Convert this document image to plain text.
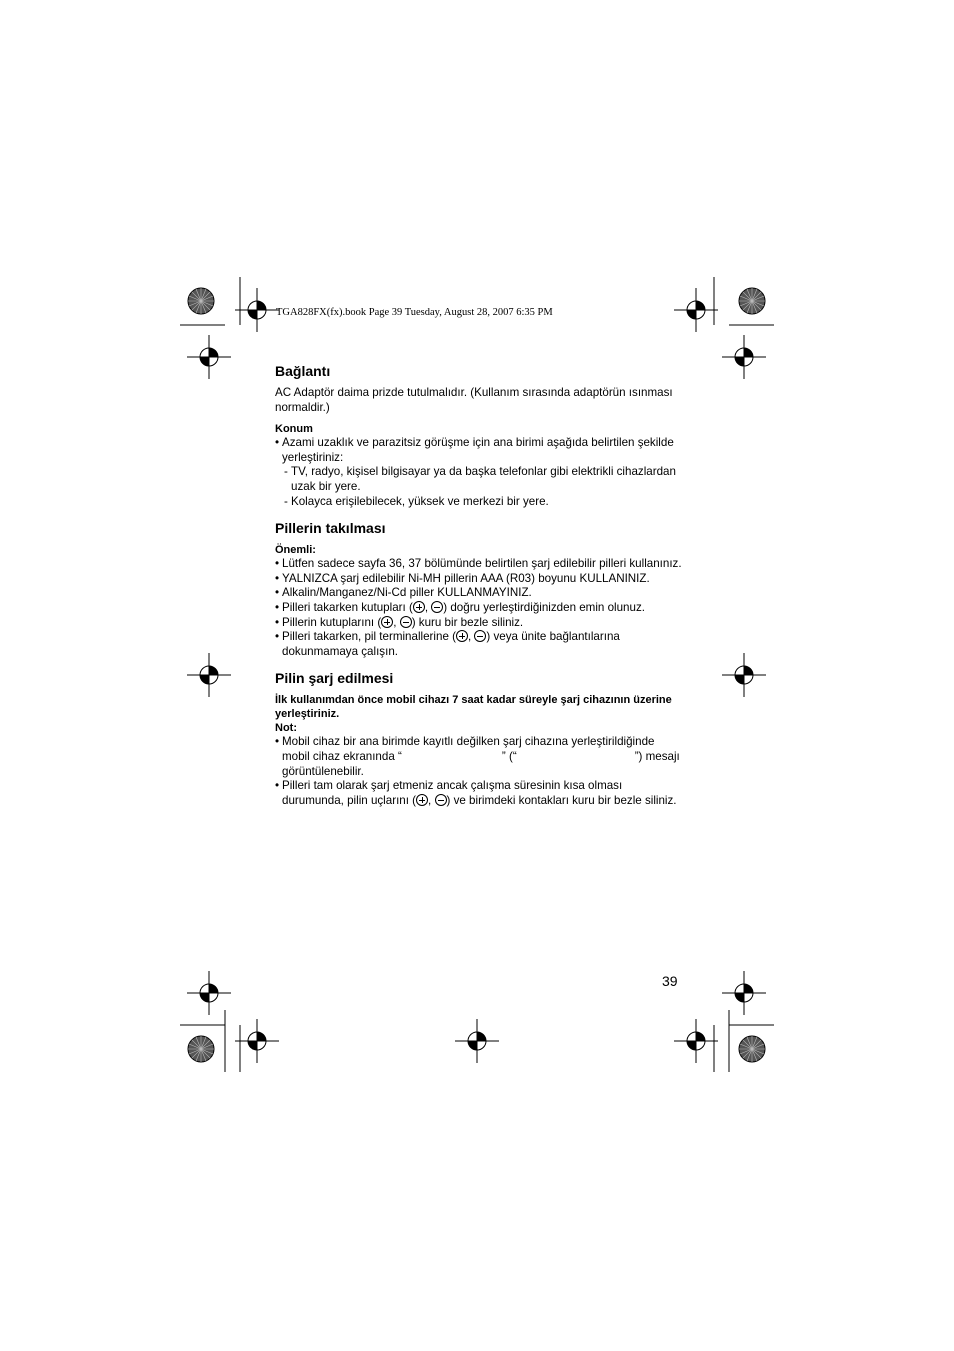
TGA828FX(fx).book Page 39 Tuesday, August 28, 2007 6:35 PM
Bağlantı

AC Adaptör daima prizde tutulmalıdır. (Kullanım sırasında adaptörün ısınması normaldir.)

Konum

• Azami uzaklık ve parazitsiz görüşme için ana birimi aşağıda belirtilen şekilde yerleştiriniz:

- TV, radyo, kişisel bilgisayar ya da başka telefonlar gibi elektrikli cihazlardan uzak bir yere.

- Kolayca erişilebilecek, yüksek ve merkezi bir yere.

Pillerin takılması

Önemli:

• Lütfen sadece sayfa 36, 37 bölümünde belirtilen şarj edilebilir pilleri kullanınız.

• YALNIZCA şarj edilebilir Ni-MH pillerin AAA (R03) boyunu KULLANINIZ.

• Alkalin/Manganez/Ni-Cd piller KULLANMAYINIZ.

• Pilleri takarken kutupları ( ,
) doğru yerleştirdiğinizden emin olunuz.

• Pillerin kutuplarını ( ,
) kuru bir bezle siliniz.

• Pilleri takarken, pil terminallerine ( ,
) veya ünite bağlantılarına dokunmamaya çalışın.

Pilin şarj edilmesi

İlk kullanımdan önce mobil cihazı 7 saat kadar süreyle şarj cihazının üzerine yerleştiriniz.

Not:

• Mobil cihaz bir ana birimde kayıtlı değilken şarj cihazına yerleştirildiğinde mobil cihaz ekranında “	” (“	”) mesajı görüntülenebilir.

• Pilleri tam olarak şarj etmeniz ancak çalışma süresinin kısa olması durumunda, pilin uçlarını ( ,
) ve birimdeki kontakları kuru bir bezle siliniz.

39
